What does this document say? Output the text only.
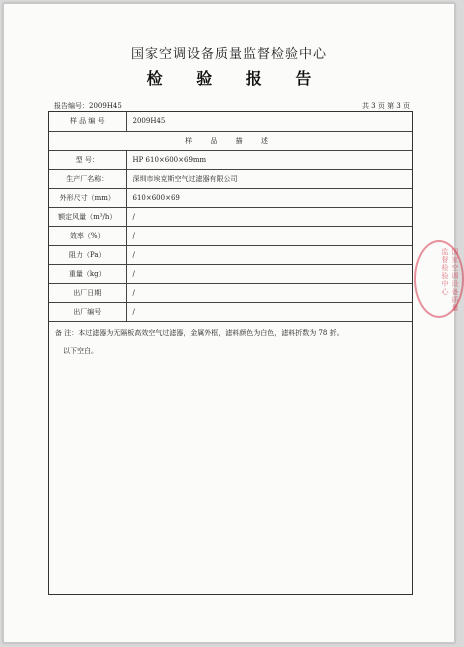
国家空调设备质量监督检验中心
检 验 报 告
报告编号：2009H45	共 3 页 第 3 页
样 品 编 号	2009H45
样 品 描 述	
型 号：	HP 610×600×69mm
生产厂名称：	深圳市埃克斯空气过滤器有限公司
外形尺寸（mm）	610×600×69
额定风量（m³/h）	/
效率（%）	/
阻力（Pa）	/
重量（kg）	/
出厂日期	/
出厂编号	/
备 注：本过滤器为无隔板高效空气过滤器，金属外框，滤料颜色为白色，滤料折数为 78 折。
以下空白。
国家空调设备质量监督检验中心
